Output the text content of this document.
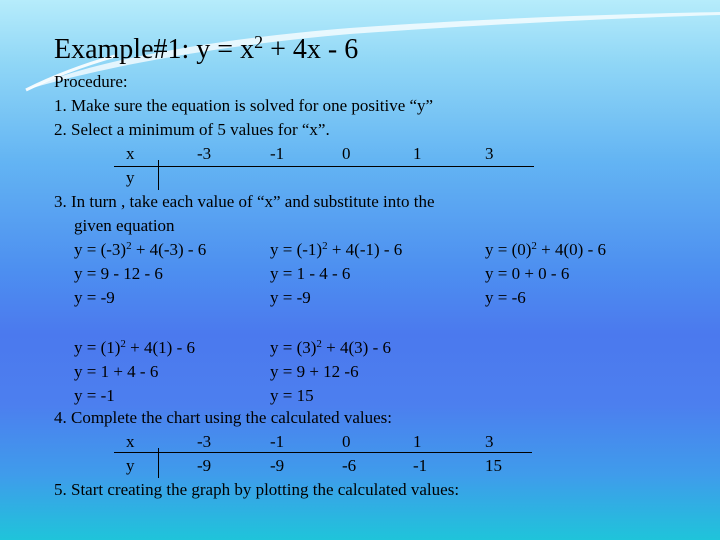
Example#1: $y = x^2 + 4x - 6$
Procedure:
1. Make sure the equation is solved for one positive “y”
2. Select a minimum of 5 values for “x”.
x	-3	-1	0	1	3
y
3. In turn , take each value of “x” and substitute into the
given equation
$y = (-3)^2 + 4(-3) - 6$
y = 9 - 12 - 6
y = -9
$y = (-1)^2 + 4(-1) - 6$
y = 1 - 4 - 6
y = -9
$y = (0)^2 + 4(0) - 6$
y = 0 + 0 - 6
y = -6
$y = (1)^2 + 4(1) - 6$
y = 1 + 4 - 6
y = -1
$y = (3)^2 + 4(3) - 6$
y = 9 + 12 -6
y = 15
4. Complete the chart using the calculated values:
x	-3	-1	0	1	3
y	-9	-9	-6	-1	15
5. Start creating the graph by plotting the calculated values:
